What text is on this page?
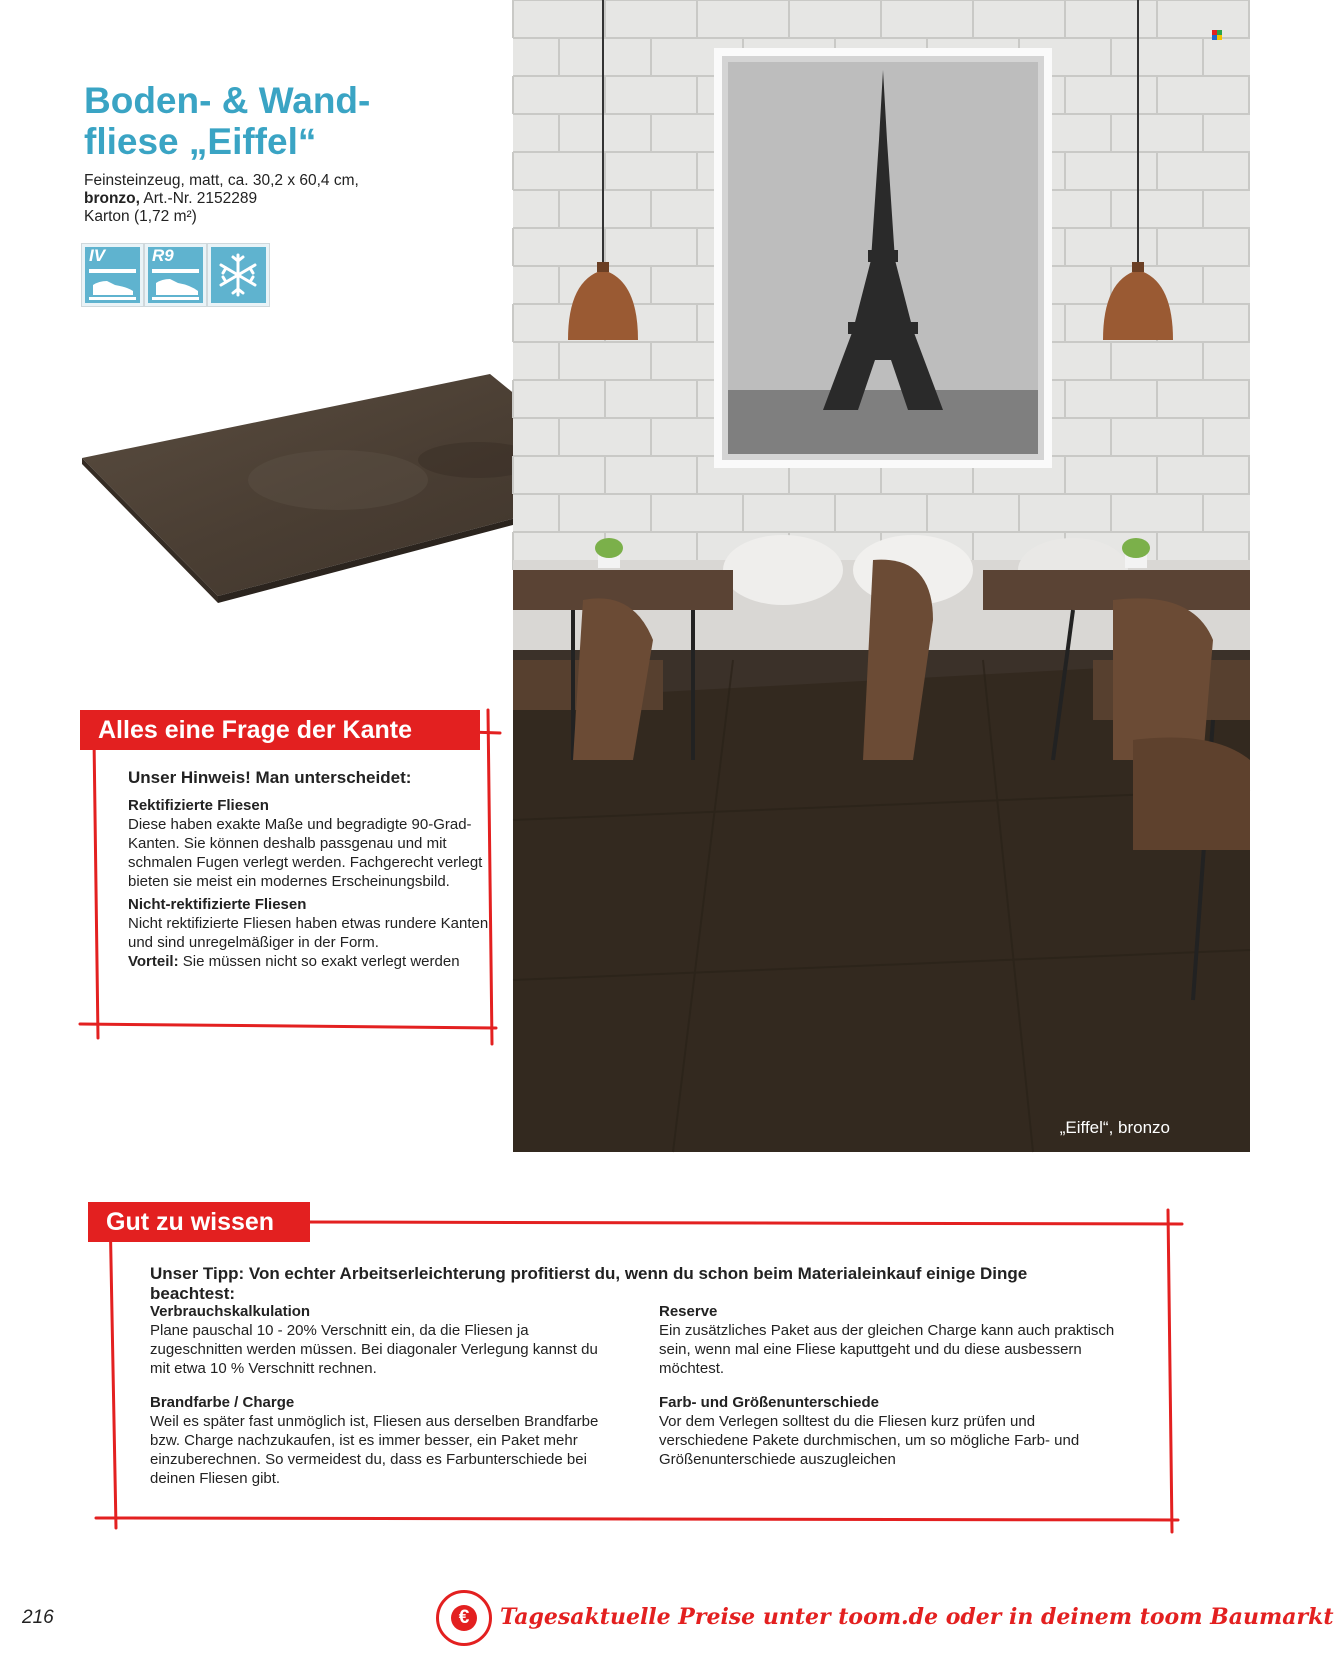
Boden- & Wand-
fliese „Eiffel“
Feinsteinzeug, matt, ca. 30,2 x 60,4 cm,
bronzo, Art.-Nr. 2152289
Karton (1,72 m²)
IV	R9
„Eiffel“, bronzo
Alles eine Frage der Kante
Unser Hinweis! Man unterscheidet:
Rektifizierte Fliesen
Diese haben exakte Maße und begradigte 90-Grad-Kanten. Sie können deshalb passgenau und mit schmalen Fugen verlegt werden. Fachgerecht verlegt bieten sie meist ein modernes Erscheinungsbild.
Nicht-rektifizierte Fliesen
Nicht rektifizierte Fliesen haben etwas rundere Kanten und sind unregelmäßiger in der Form.
Vorteil: Sie müssen nicht so exakt verlegt werden
Gut zu wissen
Unser Tipp: Von echter Arbeitserleichterung profitierst du, wenn du schon beim Materialeinkauf einige Dinge beachtest:
Verbrauchskalkulation
Plane pauschal 10 - 20% Verschnitt ein, da die Fliesen ja zugeschnitten werden müssen. Bei diagonaler Verlegung kannst du mit etwa 10 % Verschnitt rechnen.
Brandfarbe / Charge
Weil es später fast unmöglich ist, Fliesen aus derselben Brandfarbe bzw. Charge nachzukaufen, ist es immer besser, ein Paket mehr einzuberechnen. So vermeidest du, dass es Farbunterschiede bei deinen Fliesen gibt.
Reserve
Ein zusätzliches Paket aus der gleichen Charge kann auch praktisch sein, wenn mal eine Fliese kaputtgeht und du diese ausbessern möchtest.
Farb- und Größenunterschiede
Vor dem Verlegen solltest du die Fliesen kurz prüfen und verschiedene Pakete durchmischen, um so mögliche Farb- und Größenunterschiede auszugleichen
216	€	Tagesaktuelle Preise unter toom.de oder in deinem toom Baumarkt
